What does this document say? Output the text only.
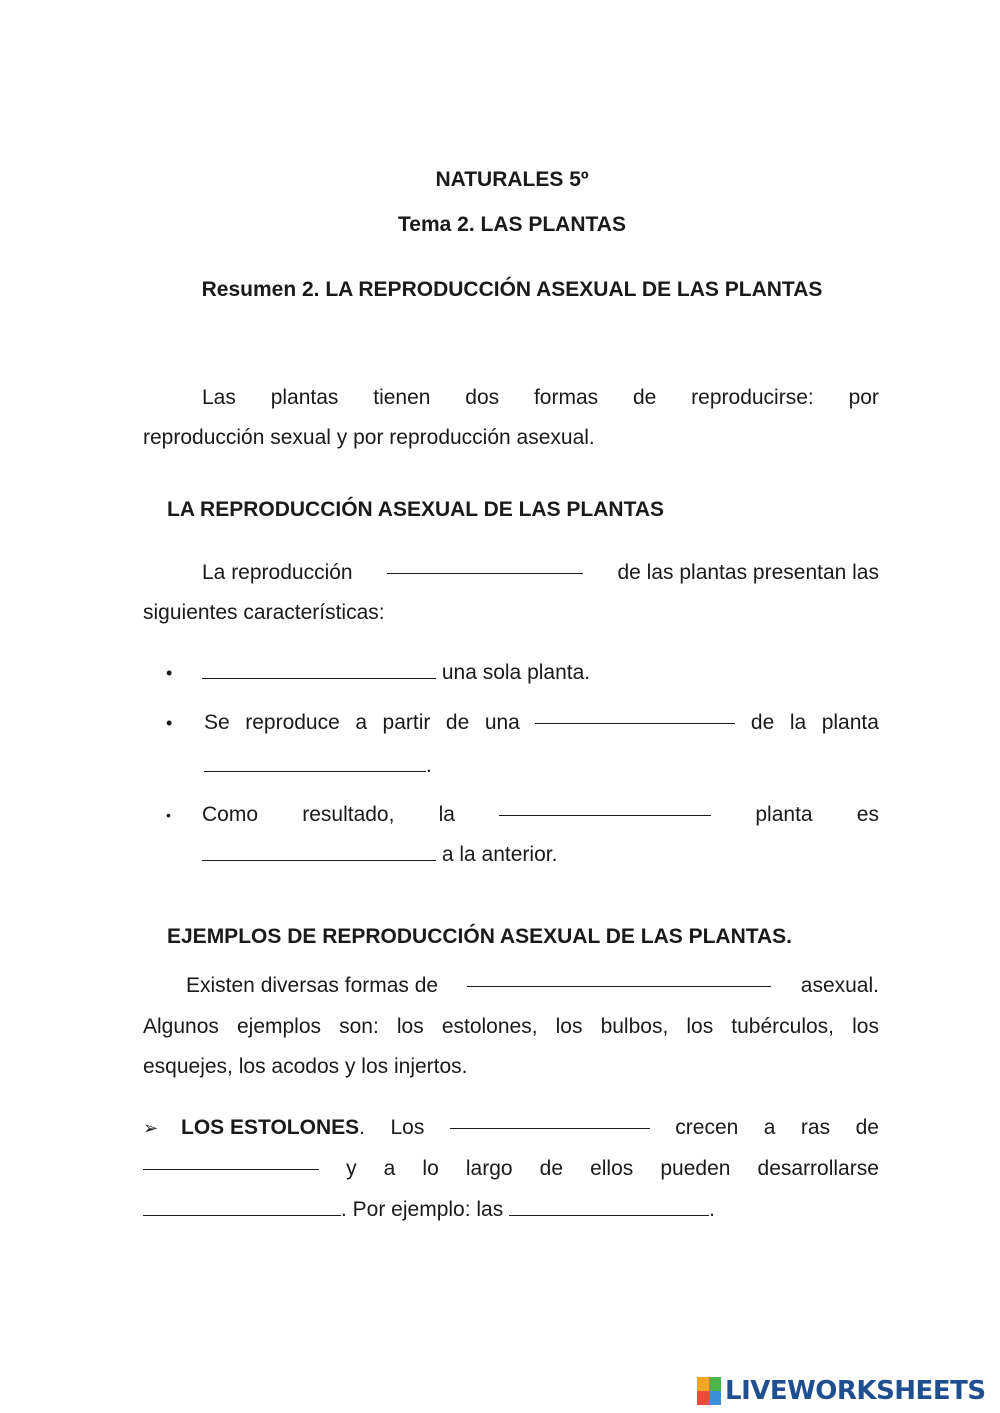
NATURALES 5º
Tema 2. LAS PLANTAS
Resumen 2. LA REPRODUCCIÓN ASEXUAL DE LAS PLANTAS
Las plantas tienen dos formas de reproducirse: por
reproducción sexual y por reproducción asexual.
LA REPRODUCCIÓN ASEXUAL DE LAS PLANTAS
La reproducción	de las plantas presentan las
siguientes características:
•	una sola planta.
• Se reproduce a partir de una	de la planta
.
• Como resultado, la	planta es
a la anterior.
EJEMPLOS DE REPRODUCCIÓN ASEXUAL DE LAS PLANTAS.
Existen diversas formas de	asexual.
Algunos ejemplos son: los estolones, los bulbos, los tubérculos, los
esquejes, los acodos y los injertos.
➢ LOS ESTOLONES. Los	crecen a ras de
y a lo largo de ellos pueden desarrollarse
. Por ejemplo: las	.
LIVEWORKSHEETS
